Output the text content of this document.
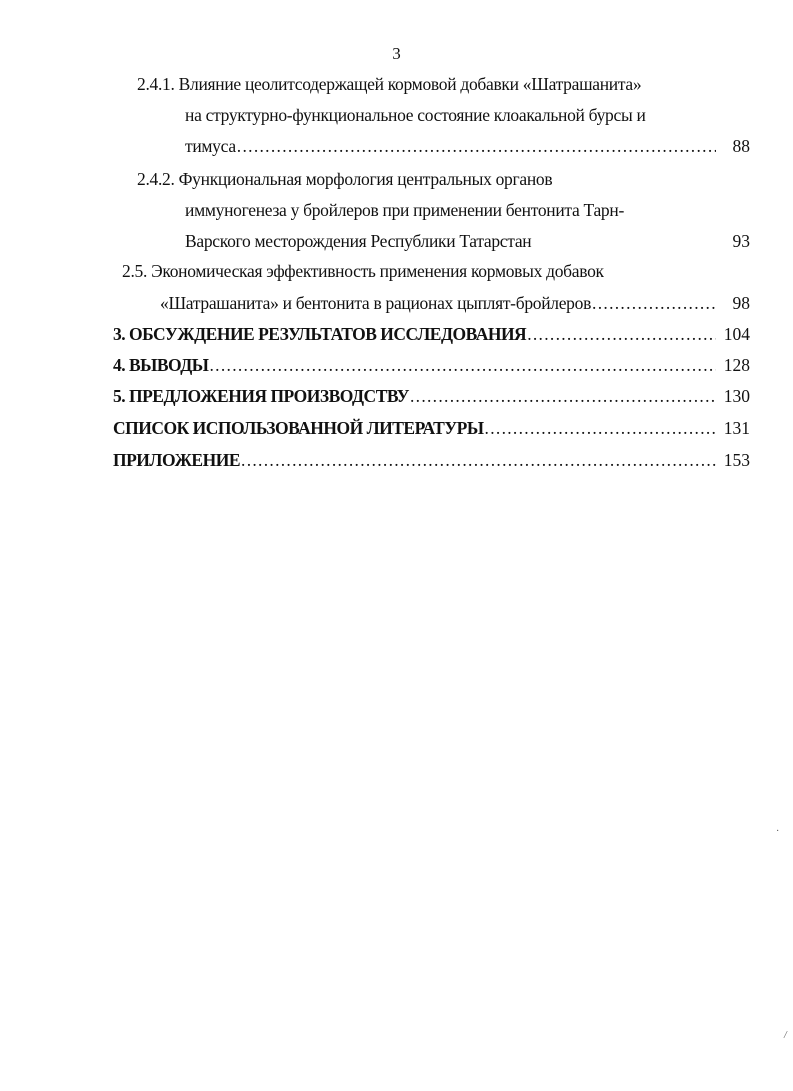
3
2.4.1. Влияние цеолитсодержащей кормовой добавки «Шатрашанита»
на структурно-функциональное состояние клоакальной бурсы и
тимуса .....	88
2.4.2. Функциональная морфология центральных органов
иммуногенеза у бройлеров при применении бентонита Тарн-
Варского месторождения Республики Татарстан	93
2.5. Экономическая эффективность применения кормовых добавок
«Шатрашанита» и бентонита в рационах цыплят-бройлеров .....	98
3. ОБСУЖДЕНИЕ РЕЗУЛЬТАТОВ ИССЛЕДОВАНИЯ .....	104
4. ВЫВОДЫ .....	128
5. ПРЕДЛОЖЕНИЯ ПРОИЗВОДСТВУ .....	130
СПИСОК ИСПОЛЬЗОВАННОЙ ЛИТЕРАТУРЫ .....	131
ПРИЛОЖЕНИЕ .....	153
·
/
